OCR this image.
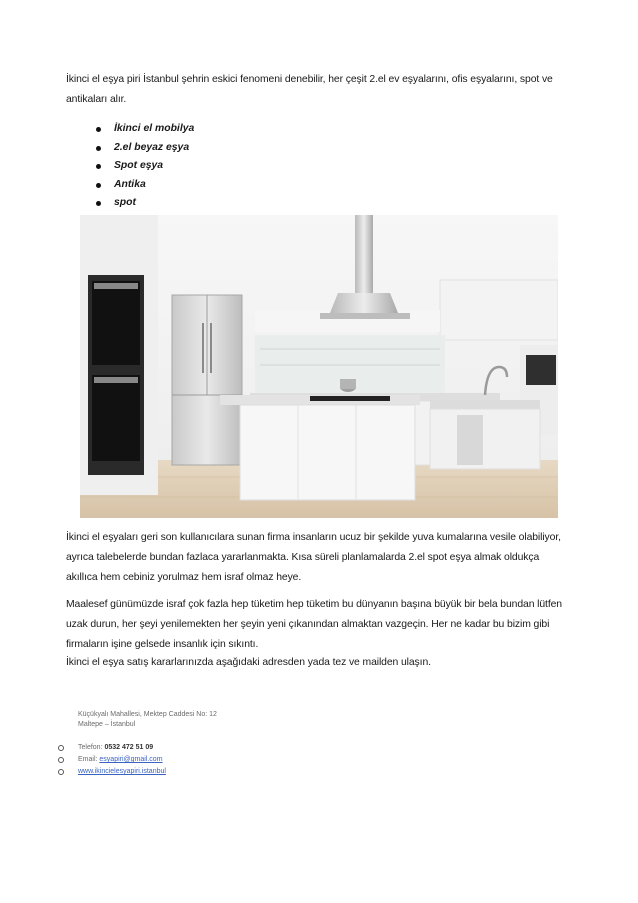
İkinci el eşya piri İstanbul şehrin eskici fenomeni denebilir, her çeşit 2.el ev eşyalarını, ofis eşyalarını, spot ve antikaları alır.
İkinci el mobilya
2.el beyaz eşya
Spot eşya
Antika
spot
İkinci el eşyaları geri son kullanıcılara sunan firma insanların ucuz bir şekilde yuva kumalarına vesile olabiliyor, ayrıca talebelerde bundan fazlaca yararlanmakta. Kısa süreli planlamalarda 2.el spot eşya almak oldukça akıllıca hem cebiniz yorulmaz hem israf olmaz heye.
Maalesef günümüzde israf çok fazla hep tüketim hep tüketim bu dünyanın başına büyük bir bela bundan lütfen uzak durun, her şeyi yenilemekten her şeyin yeni çıkanından almaktan vazgeçin. Her ne kadar bu bizim gibi firmaların işine gelsede insanlık için sıkıntı.
İkinci el eşya satış kararlarınızda aşağıdaki adresden yada tez ve mailden ulaşın.
Küçükyalı Mahallesi, Mektep Caddesi No: 12
Maltepe – İstanbul
Telefon: 0532 472 51 09
Email: esyapiri@gmail.com
www.ikincielesyapiri.istanbul
